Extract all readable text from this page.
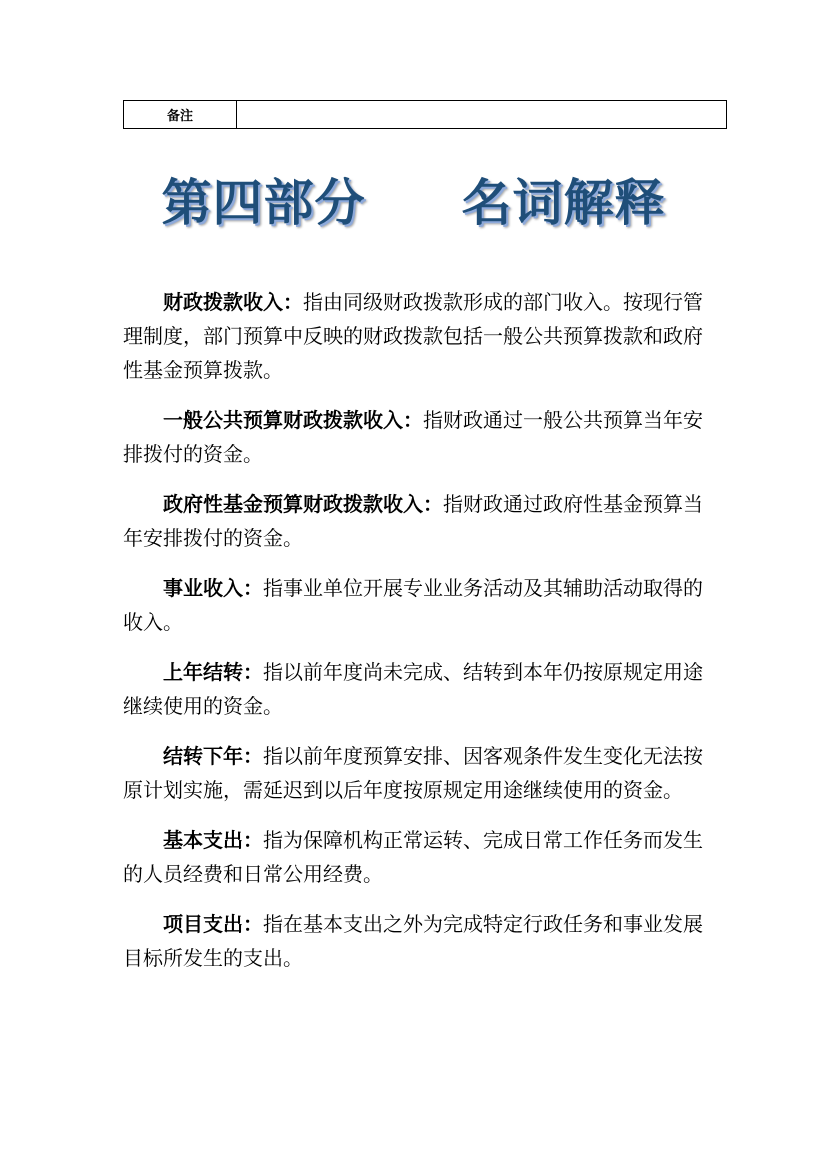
备注	
第四部分 名词解释

财政拨款收入：指由同级财政拨款形成的部门收入。按现行管理制度，部门预算中反映的财政拨款包括一般公共预算拨款和政府性基金预算拨款。

一般公共预算财政拨款收入：指财政通过一般公共预算当年安排拨付的资金。

政府性基金预算财政拨款收入：指财政通过政府性基金预算当年安排拨付的资金。

事业收入：指事业单位开展专业业务活动及其辅助活动取得的收入。

上年结转：指以前年度尚未完成、结转到本年仍按原规定用途继续使用的资金。

结转下年：指以前年度预算安排、因客观条件发生变化无法按原计划实施，需延迟到以后年度按原规定用途继续使用的资金。

基本支出：指为保障机构正常运转、完成日常工作任务而发生的人员经费和日常公用经费。

项目支出：指在基本支出之外为完成特定行政任务和事业发展目标所发生的支出。
